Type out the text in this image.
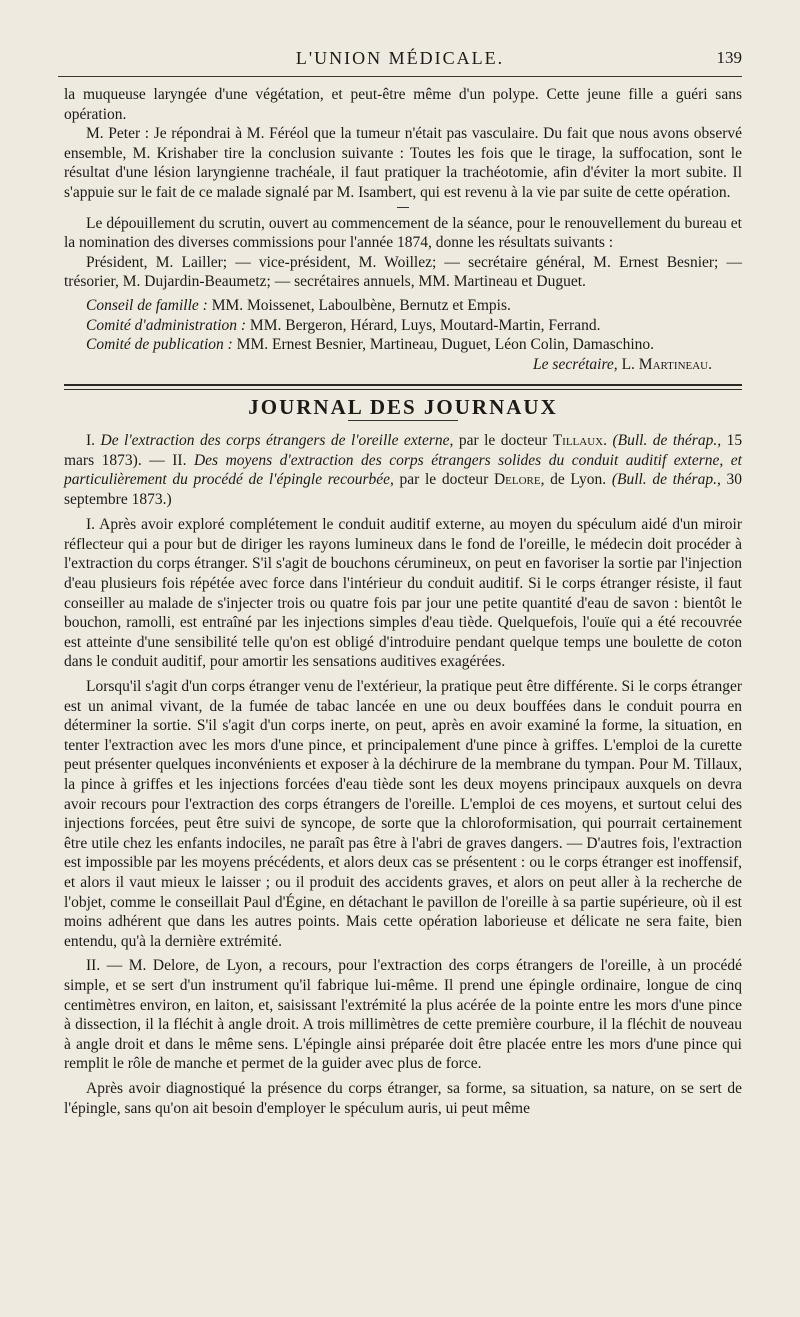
L'UNION MÉDICALE.	139

la muqueuse laryngée d'une végétation, et peut-être même d'un polype. Cette jeune fille a guéri sans opération.

M. Peter : Je répondrai à M. Féréol que la tumeur n'était pas vasculaire. Du fait que nous avons observé ensemble, M. Krishaber tire la conclusion suivante : Toutes les fois que le tirage, la suffocation, sont le résultat d'une lésion laryngienne trachéale, il faut pratiquer la trachéotomie, afin d'éviter la mort subite. Il s'appuie sur le fait de ce malade signalé par M. Isambert, qui est revenu à la vie par suite de cette opération.

Le dépouillement du scrutin, ouvert au commencement de la séance, pour le renouvellement du bureau et la nomination des diverses commissions pour l'année 1874, donne les résultats suivants :

Président, M. Lailler; — vice-président, M. Woillez; — secrétaire général, M. Ernest Besnier; — trésorier, M. Dujardin-Beaumetz; — secrétaires annuels, MM. Martineau et Duguet.

Conseil de famille : MM. Moissenet, Laboulbène, Bernutz et Empis.

Comité d'administration : MM. Bergeron, Hérard, Luys, Moutard-Martin, Ferrand.

Comité de publication : MM. Ernest Besnier, Martineau, Duguet, Léon Colin, Damaschino.

Le secrétaire, L. Martineau.

JOURNAL DES JOURNAUX

I. De l'extraction des corps étrangers de l'oreille externe, par le docteur Tillaux. (Bull. de thérap., 15 mars 1873). — II. Des moyens d'extraction des corps étrangers solides du conduit auditif externe, et particulièrement du procédé de l'épingle recourbée, par le docteur Delore, de Lyon. (Bull. de thérap., 30 septembre 1873.)

I. Après avoir exploré complétement le conduit auditif externe, au moyen du spéculum aidé d'un miroir réflecteur qui a pour but de diriger les rayons lumineux dans le fond de l'oreille, le médecin doit procéder à l'extraction du corps étranger. S'il s'agit de bouchons cérumineux, on peut en favoriser la sortie par l'injection d'eau plusieurs fois répétée avec force dans l'intérieur du conduit auditif. Si le corps étranger résiste, il faut conseiller au malade de s'injecter trois ou quatre fois par jour une petite quantité d'eau de savon : bientôt le bouchon, ramolli, est entraîné par les injections simples d'eau tiède. Quelquefois, l'ouïe qui a été recouvrée est atteinte d'une sensibilité telle qu'on est obligé d'introduire pendant quelque temps une boulette de coton dans le conduit auditif, pour amortir les sensations auditives exagérées.

Lorsqu'il s'agit d'un corps étranger venu de l'extérieur, la pratique peut être différente. Si le corps étranger est un animal vivant, de la fumée de tabac lancée en une ou deux bouffées dans le conduit pourra en déterminer la sortie. S'il s'agit d'un corps inerte, on peut, après en avoir examiné la forme, la situation, en tenter l'extraction avec les mors d'une pince, et principalement d'une pince à griffes. L'emploi de la curette peut présenter quelques inconvénients et exposer à la déchirure de la membrane du tympan. Pour M. Tillaux, la pince à griffes et les injections forcées d'eau tiède sont les deux moyens principaux auxquels on devra avoir recours pour l'extraction des corps étrangers de l'oreille. L'emploi de ces moyens, et surtout celui des injections forcées, peut être suivi de syncope, de sorte que la chloroformisation, qui pourrait certainement être utile chez les enfants indociles, ne paraît pas être à l'abri de graves dangers. — D'autres fois, l'extraction est impossible par les moyens précédents, et alors deux cas se présentent : ou le corps étranger est inoffensif, et alors il vaut mieux le laisser ; ou il produit des accidents graves, et alors on peut aller à la recherche de l'objet, comme le conseillait Paul d'Égine, en détachant le pavillon de l'oreille à sa partie supérieure, où il est moins adhérent que dans les autres points. Mais cette opération laborieuse et délicate ne sera faite, bien entendu, qu'à la dernière extrémité.

II. — M. Delore, de Lyon, a recours, pour l'extraction des corps étrangers de l'oreille, à un procédé simple, et se sert d'un instrument qu'il fabrique lui-même. Il prend une épingle ordinaire, longue de cinq centimètres environ, en laiton, et, saisissant l'extrémité la plus acérée de la pointe entre les mors d'une pince à dissection, il la fléchit à angle droit. A trois millimètres de cette première courbure, il la fléchit de nouveau à angle droit et dans le même sens. L'épingle ainsi préparée doit être placée entre les mors d'une pince qui remplit le rôle de manche et permet de la guider avec plus de force.

Après avoir diagnostiqué la présence du corps étranger, sa forme, sa situation, sa nature, on se sert de l'épingle, sans qu'on ait besoin d'employer le spéculum auris, ui peut même
